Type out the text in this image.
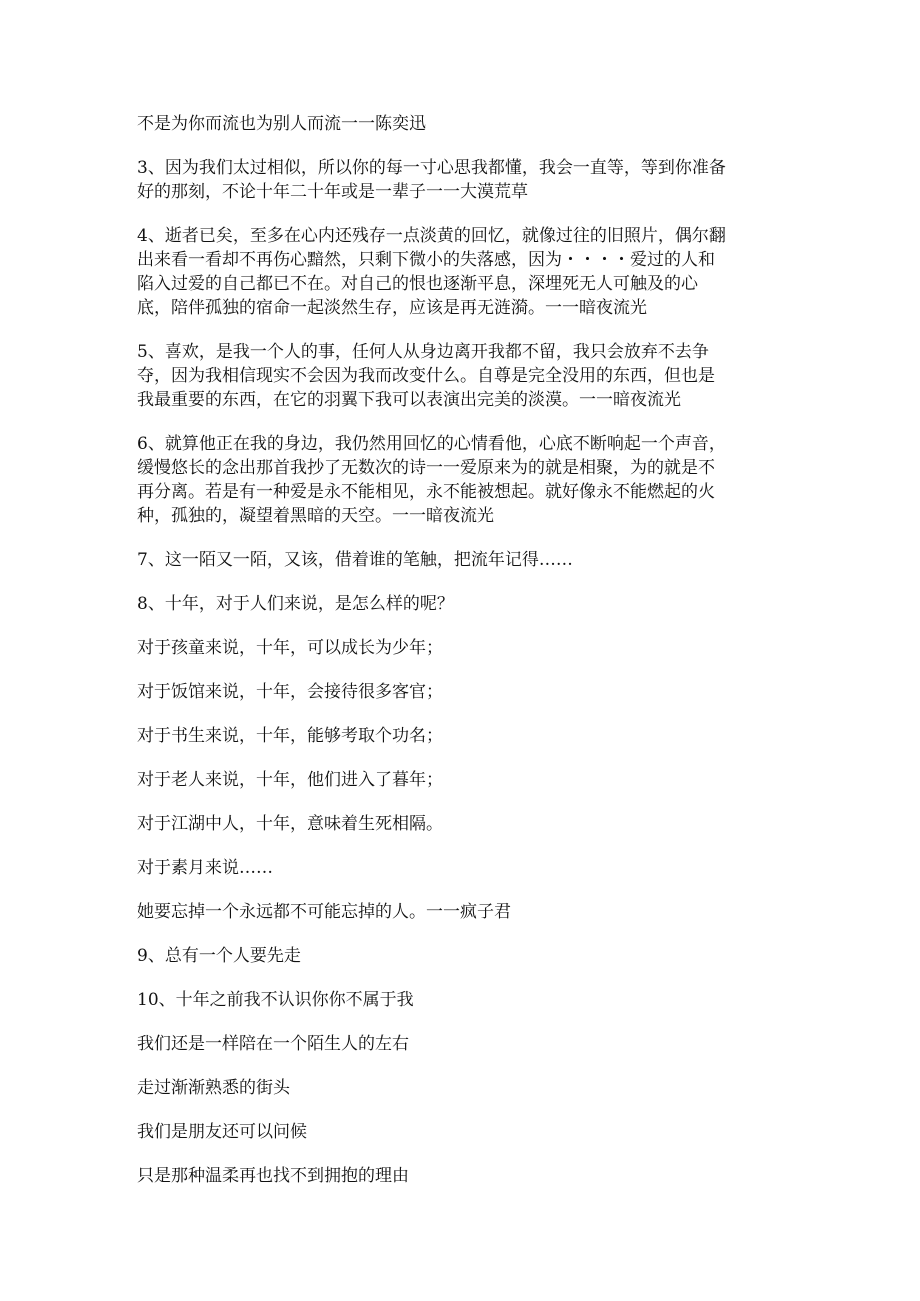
不是为你而流也为别人而流一一陈奕迅

3、因为我们太过相似，所以你的每一寸心思我都懂，我会一直等，等到你准备
好的那刻，不论十年二十年或是一辈子一一大漠荒草

4、逝者已矣，至多在心内还残存一点淡黄的回忆，就像过往的旧照片，偶尔翻
出来看一看却不再伤心黯然，只剩下微小的失落感，因为・・・・爱过的人和
陷入过爱的自己都已不在。对自己的恨也逐渐平息，深埋死无人可触及的心
底，陪伴孤独的宿命一起淡然生存，应该是再无涟漪。一一暗夜流光

5、喜欢，是我一个人的事，任何人从身边离开我都不留，我只会放弃不去争
夺，因为我相信现实不会因为我而改变什么。自尊是完全没用的东西，但也是
我最重要的东西，在它的羽翼下我可以表演出完美的淡漠。一一暗夜流光

6、就算他正在我的身边，我仍然用回忆的心情看他，心底不断响起一个声音，
缓慢悠长的念出那首我抄了无数次的诗一一爱原来为的就是相聚，为的就是不
再分离。若是有一种爱是永不能相见，永不能被想起。就好像永不能燃起的火
种，孤独的，凝望着黑暗的天空。一一暗夜流光

7、这一陌又一陌，又该，借着谁的笔触，把流年记得……

8、十年，对于人们来说，是怎么样的呢？

对于孩童来说，十年，可以成长为少年；

对于饭馆来说，十年，会接待很多客官；

对于书生来说，十年，能够考取个功名；

对于老人来说，十年，他们进入了暮年；

对于江湖中人，十年，意味着生死相隔。

对于素月来说……

她要忘掉一个永远都不可能忘掉的人。一一疯子君

9、总有一个人要先走

10、十年之前我不认识你你不属于我

我们还是一样陪在一个陌生人的左右

走过渐渐熟悉的街头

我们是朋友还可以问候

只是那种温柔再也找不到拥抱的理由
